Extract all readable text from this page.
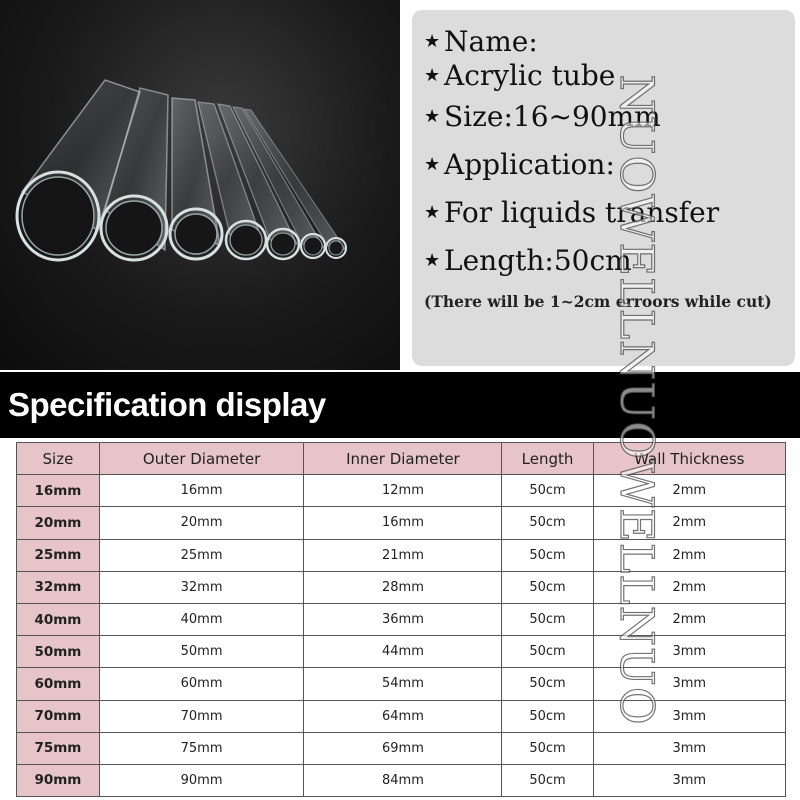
★ Name:
★ Acrylic tube
★ Size:16~90mm
★ Application:
★ For liquids transfer
★ Length:50cm
(There will be 1~2cm erroors while cut)
Specification display
Size	Outer Diameter	Inner Diameter	Length	Wall Thickness
16mm	16mm	12mm	50cm	2mm
20mm	20mm	16mm	50cm	2mm
25mm	25mm	21mm	50cm	2mm
32mm	32mm	28mm	50cm	2mm
40mm	40mm	36mm	50cm	2mm
50mm	50mm	44mm	50cm	3mm
60mm	60mm	54mm	50cm	3mm
70mm	70mm	64mm	50cm	3mm
75mm	75mm	69mm	50cm	3mm
90mm	90mm	84mm	50cm	3mm
NUOWELLNUOWELLNUO
